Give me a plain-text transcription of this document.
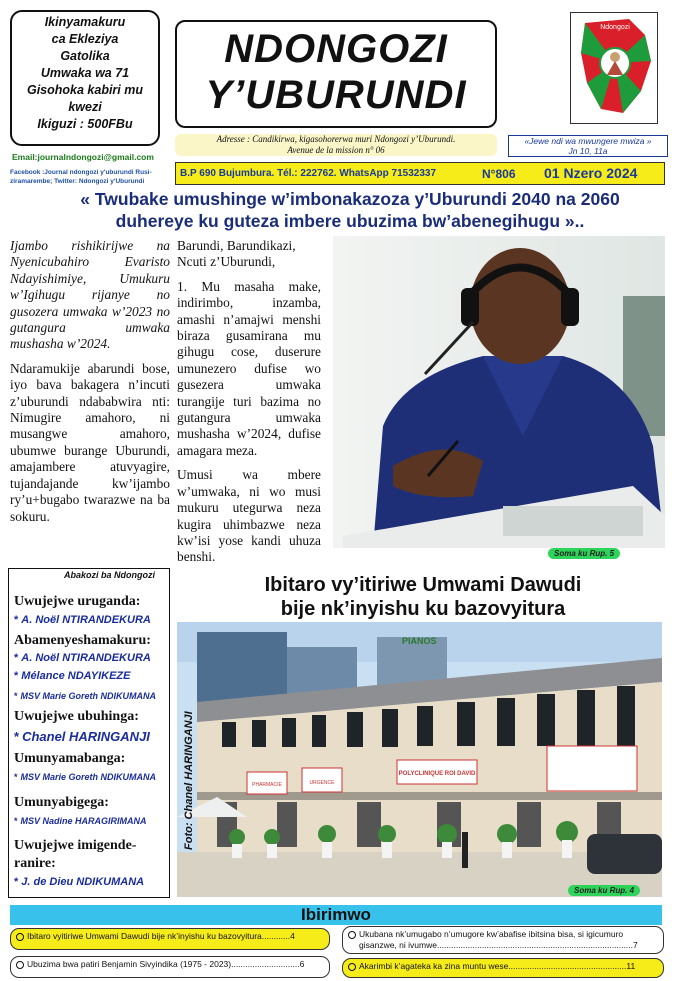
Ikinyamakuru
ca Ekleziya
Gatolika
Umwaka wa 71
Gisohoka kabiri mu
kwezi
Ikiguzi : 500FBu
Email:journalndongozi@gmail.com
Facebook :Journal ndongozi y'uburundi Rusi-ziramarembe; Twitter: Ndongozi y'Uburundi
NDONGOZI
Y’UBURUNDI
Adresse : Candikirwa, kigasohorerwa muri Ndongozi y’Uburundi.
Avenue de la mission n° 06
Ndongozi
«Jewe ndi wa mwungere mwiza »
Jn 10, 11a
B.P 690 Bujumbura. Tél.: 222762. WhatsApp 71532337	N°806 01 Nzero 2024
« Twubake umushinge w’imbonakazoza y’Uburundi 2040 na 2060
duhereye ku guteza imbere ubuzima bw’abenegihugu »..

Ijambo rishikirijwe na Nyenicubahiro Evaristo Ndayishimiye, Umukuru w’Igihugu rijanye no gusozera umwaka w’2023 no gutangura umwaka mushasha w’2024.

Ndaramukije abarundi bose, iyo bava bakagera n’incuti z’uburundi ndababwira nti: Nimugire amahoro, ni musangwe amahoro, ubumwe burange Uburundi, amajambere atuvyagire, tujandajande kw’ijambo ry’u+bugabo twarazwe na ba sokuru.

Barundi, Barundikazi, Ncuti z’Uburundi,

1. Mu masaha make, indirimbo, inzamba, amashi n’amajwi menshi biraza gusamirana mu gihugu cose, duserure umunezero dufise wo gusezera umwaka turangije turi bazima no gutangura umwaka mushasha w’2024, dufise amagara meza.

Umusi wa mbere w’umwaka, ni wo musi mukuru utegurwa neza kugira uhimbazwe neza kw’isi yose kandi uhuza benshi.	Soma ku Rup. 5
Abakozi ba Ndongozi
Uwujejwe uruganda:
* A. Noël NTIRANDEKURA
Abamenyeshamakuru:
* A. Noël NTIRANDEKURA
* Mélance NDAYIKEZE
* MSV Marie Goreth NDIKUMANA
Uwujejwe ubuhinga:
* Chanel HARINGANJI
Umunyamabanga:
* MSV Marie Goreth NDIKUMANA
Umunyabigega:
* MSV Nadine HARAGIRIMANA
Uwujejwe imigende-
ranire:
* J. de Dieu NDIKUMANA
Ibitaro vy’itiriwe Umwami Dawudi
bije nk’inyishu ku bazovyitura
PIANOS
PHARMACIE	URGENCE
POLYCLINIQUE ROI DAVID
Foto: Chanel HARINGANJI
Soma ku Rup. 4
Ibirimwo
Ibitaro vyitiriwe Umwami Dawudi bije nk’inyishu ku bazovyitura............4
Ubuzima bwa patiri Benjamin Sivyindika (1975 - 2023).............................6
Ukubana nk’umugabo n’umugore kw’abafise ibitsina bisa, si igicumuro gisanzwe, ni ivumwe...................................................................................7
Akarimbi k’agateka ka zina muntu wese..................................................11
